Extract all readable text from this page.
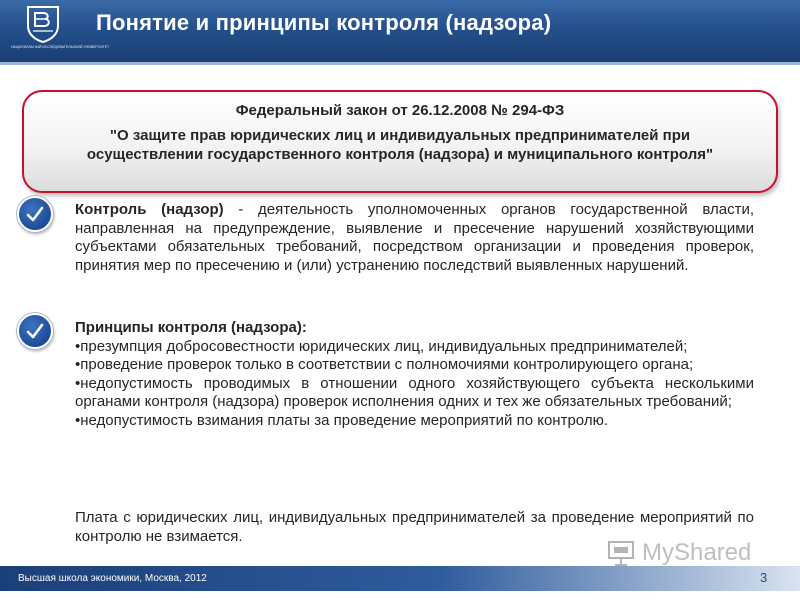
НАЦИОНАЛЬНЫЙ ИССЛЕДОВАТЕЛЬСКИЙ УНИВЕРСИТЕТ
Понятие и принципы контроля (надзора)
Федеральный закон от 26.12.2008 № 294-ФЗ
"О защите прав юридических лиц и индивидуальных предпринимателей при осуществлении государственного контроля (надзора) и муниципального контроля"

Контроль (надзор) - деятельность уполномоченных органов государственной власти, направленная на предупреждение, выявление и пресечение нарушений хозяйствующими субъектами обязательных требований, посредством организации и проведения проверок, принятия мер по пресечению и (или) устранению последствий выявленных нарушений.

Принципы контроля (надзора):

•презумпция добросовестности юридических лиц, индивидуальных предпринимателей;

•проведение проверок только в соответствии с полномочиями контролирующего органа;

•недопустимость проводимых в отношении одного хозяйствующего субъекта несколькими органами контроля (надзора) проверок исполнения одних и тех же обязательных требований;

•недопустимость взимания платы за проведение мероприятий по контролю.

Плата с юридических лиц, индивидуальных предпринимателей за проведение мероприятий по контролю не взимается.

MyShared
Высшая школа экономики, Москва, 2012	3
